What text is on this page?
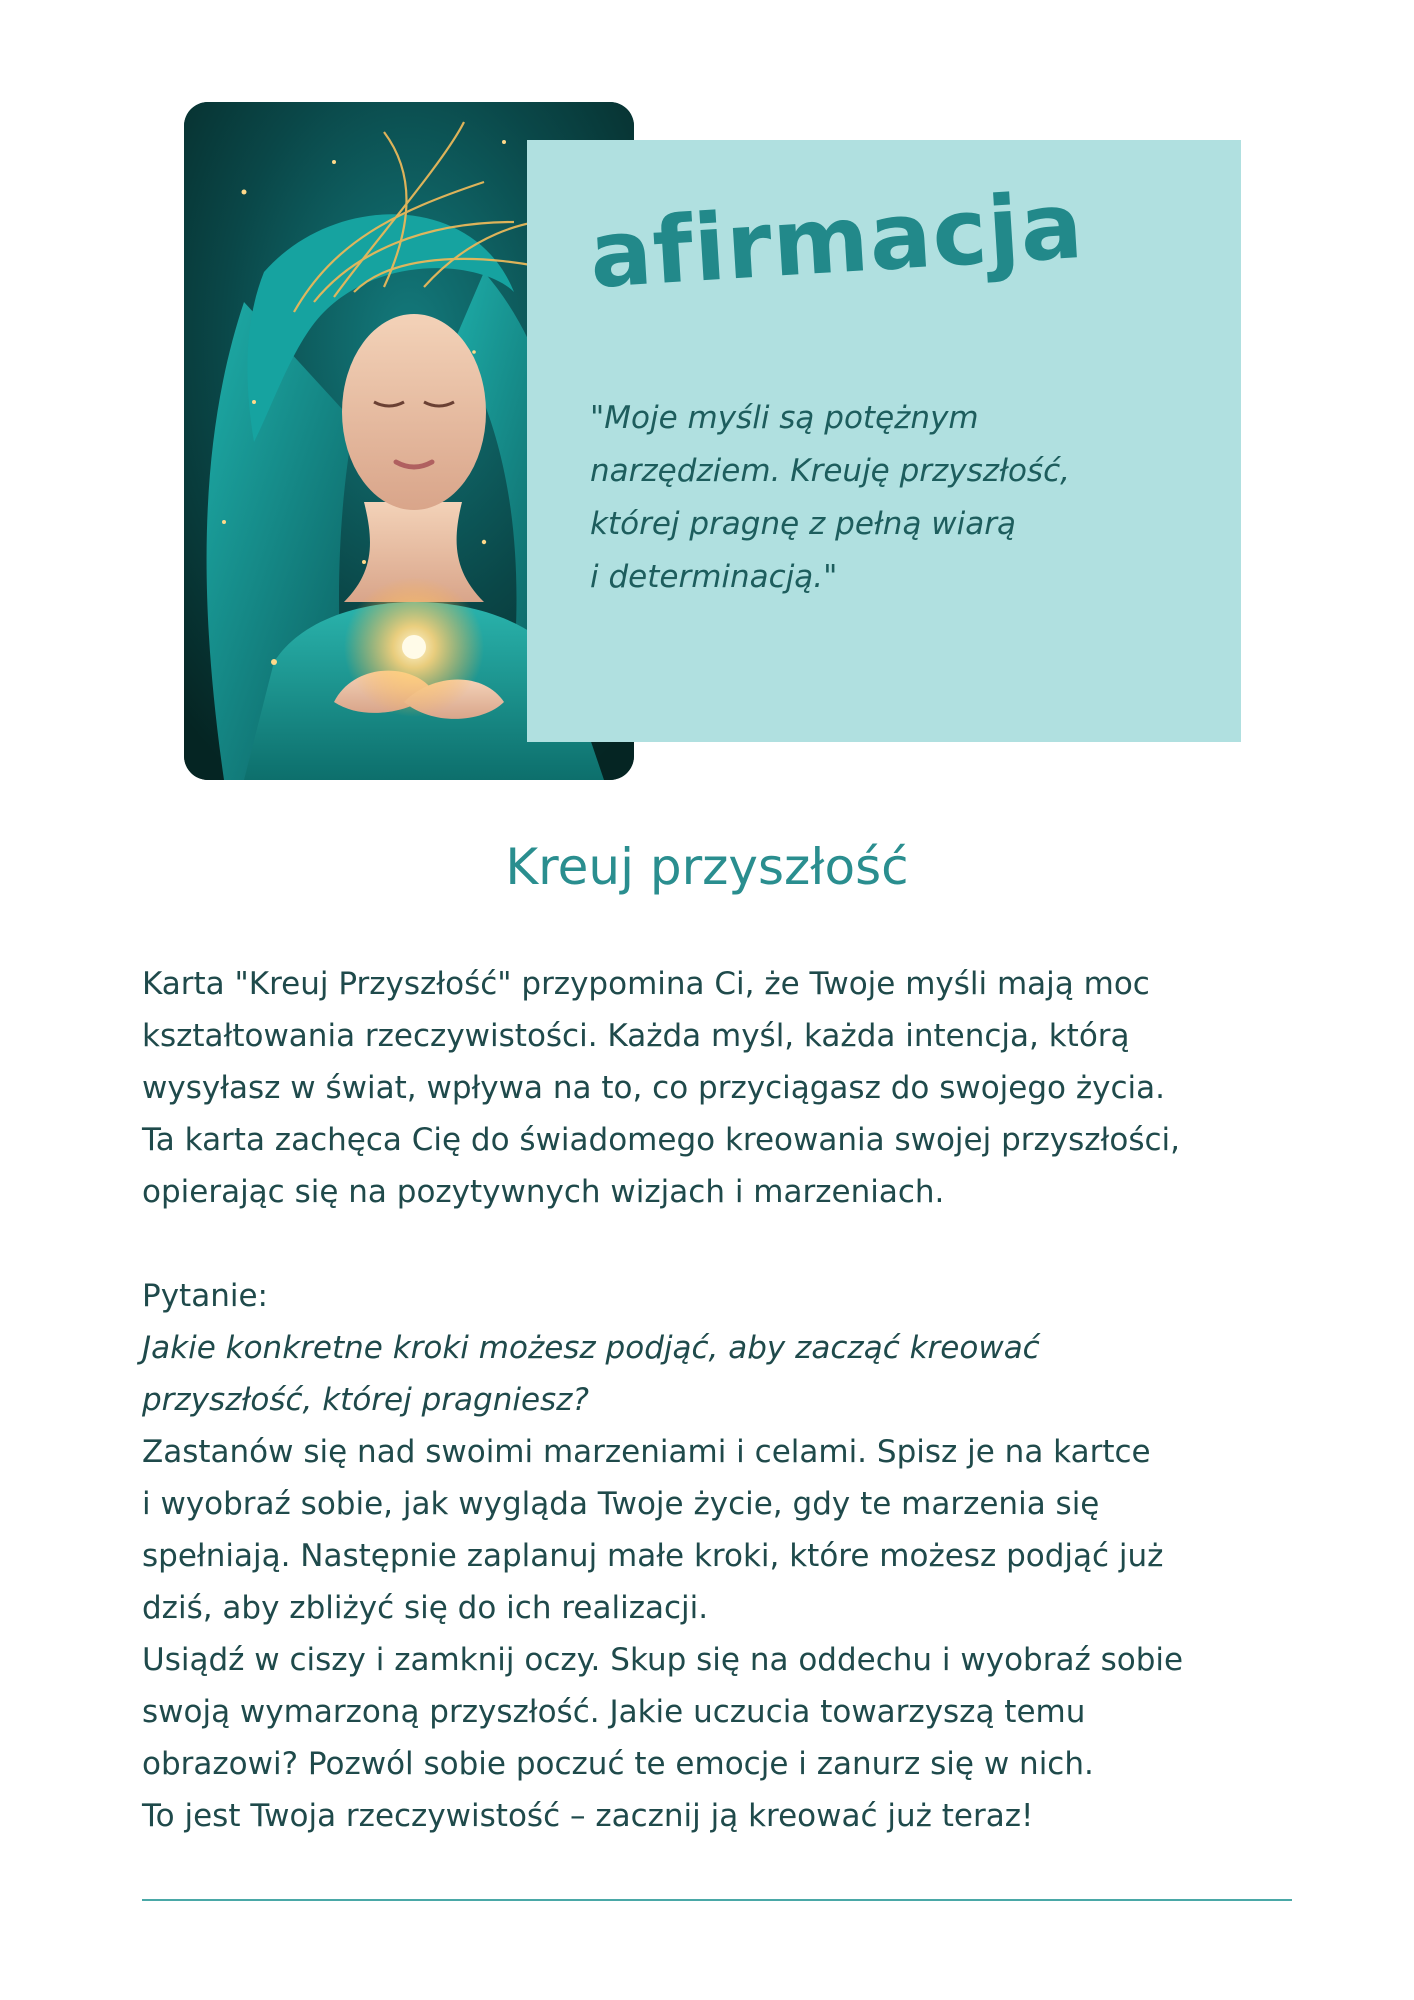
afirmacja

"Moje myśli są potężnym
narzędziem. Kreuję przyszłość,
której pragnę z pełną wiarą
i determinacją."

Kreuj przyszłość

Karta "Kreuj Przyszłość" przypomina Ci, że Twoje myśli mają moc
kształtowania rzeczywistości. Każda myśl, każda intencja, którą
wysyłasz w świat, wpływa na to, co przyciągasz do swojego życia.
Ta karta zachęca Cię do świadomego kreowania swojej przyszłości,
opierając się na pozytywnych wizjach i marzeniach.

Pytanie:

Jakie konkretne kroki możesz podjąć, aby zacząć kreować
przyszłość, której pragniesz?

Zastanów się nad swoimi marzeniami i celami. Spisz je na kartce
i wyobraź sobie, jak wygląda Twoje życie, gdy te marzenia się
spełniają. Następnie zaplanuj małe kroki, które możesz podjąć już
dziś, aby zbliżyć się do ich realizacji.

Usiądź w ciszy i zamknij oczy. Skup się na oddechu i wyobraź sobie
swoją wymarzoną przyszłość. Jakie uczucia towarzyszą temu
obrazowi? Pozwól sobie poczuć te emocje i zanurz się w nich.

To jest Twoja rzeczywistość – zacznij ją kreować już teraz!
